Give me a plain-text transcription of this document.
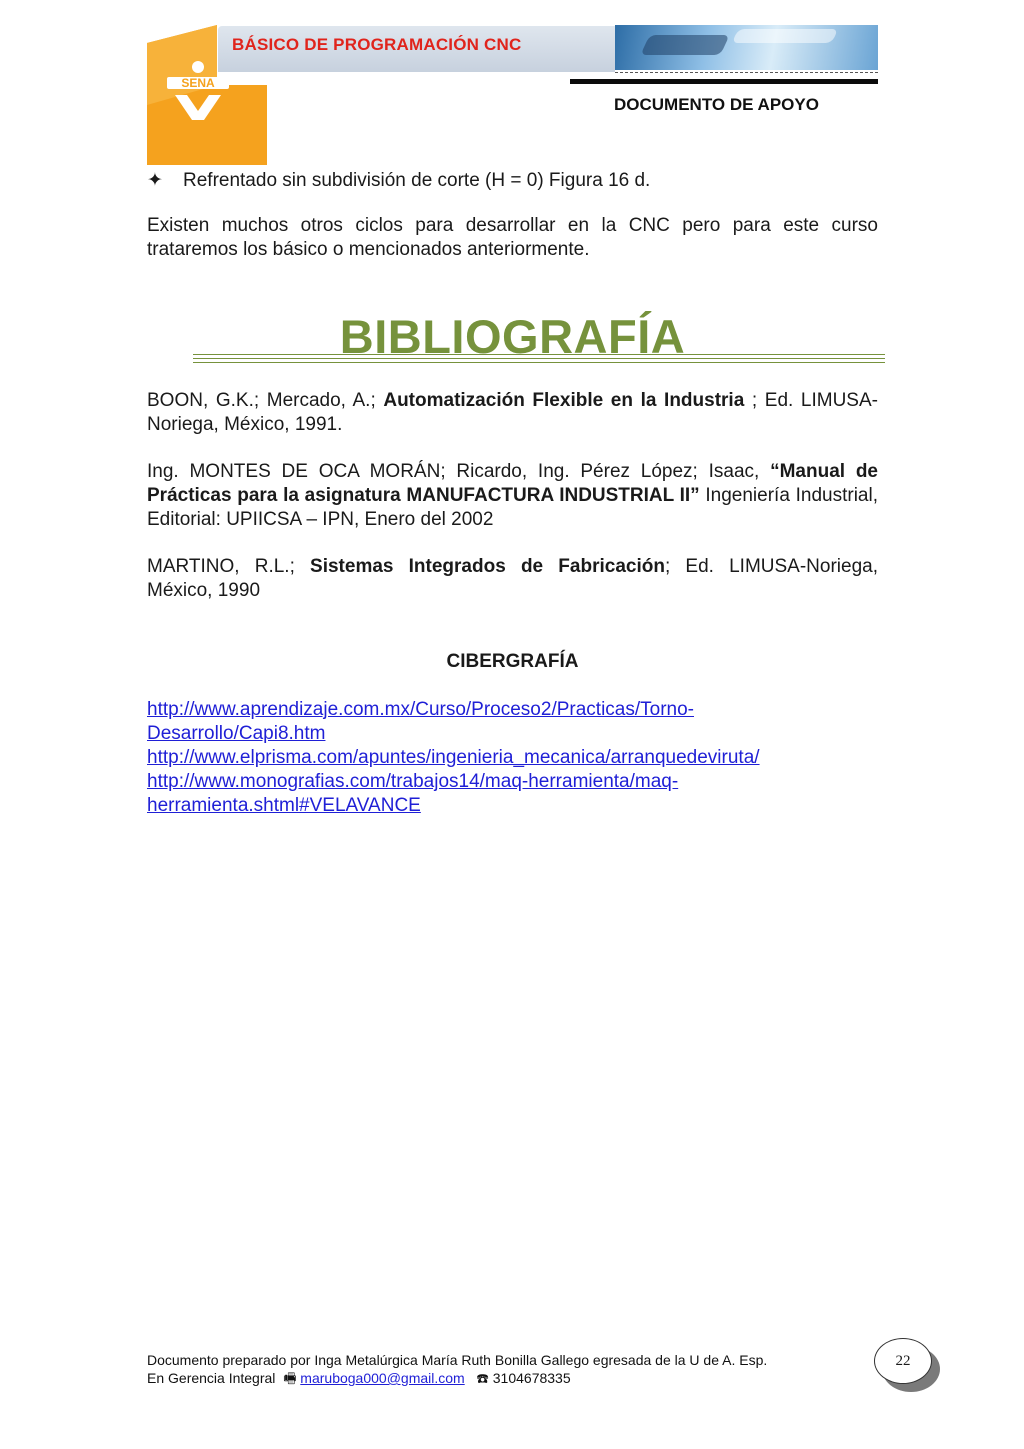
SENA
BÁSICO DE PROGRAMACIÓN CNC
DOCUMENTO DE APOYO
✦ Refrentado sin subdivisión de corte (H = 0) Figura 16 d.
Existen muchos otros ciclos para desarrollar en la CNC pero para este curso trataremos los básico o mencionados anteriormente.
BIBLIOGRAFÍA
BOON, G.K.; Mercado, A.; Automatización Flexible en la Industria ; Ed. LIMUSA-Noriega, México, 1991.
Ing. MONTES DE OCA MORÁN; Ricardo, Ing. Pérez López; Isaac, “Manual de Prácticas para la asignatura MANUFACTURA INDUSTRIAL II” Ingeniería Industrial, Editorial: UPIICSA – IPN, Enero del 2002
MARTINO, R.L.; Sistemas Integrados de Fabricación; Ed. LIMUSA-Noriega, México, 1990
CIBERGRAFÍA
http://www.aprendizaje.com.mx/Curso/Proceso2/Practicas/Torno-
Desarrollo/Capi8.htm
http://www.elprisma.com/apuntes/ingenieria_mecanica/arranquedeviruta/
http://www.monografias.com/trabajos14/maq-herramienta/maq-
herramienta.shtml#VELAVANCE
Documento preparado por Inga Metalúrgica María Ruth Bonilla Gallego egresada de la U de A. Esp.
En Gerencia Integral 🖷 maruboga000@gmail.com ☎ 3104678335
22
